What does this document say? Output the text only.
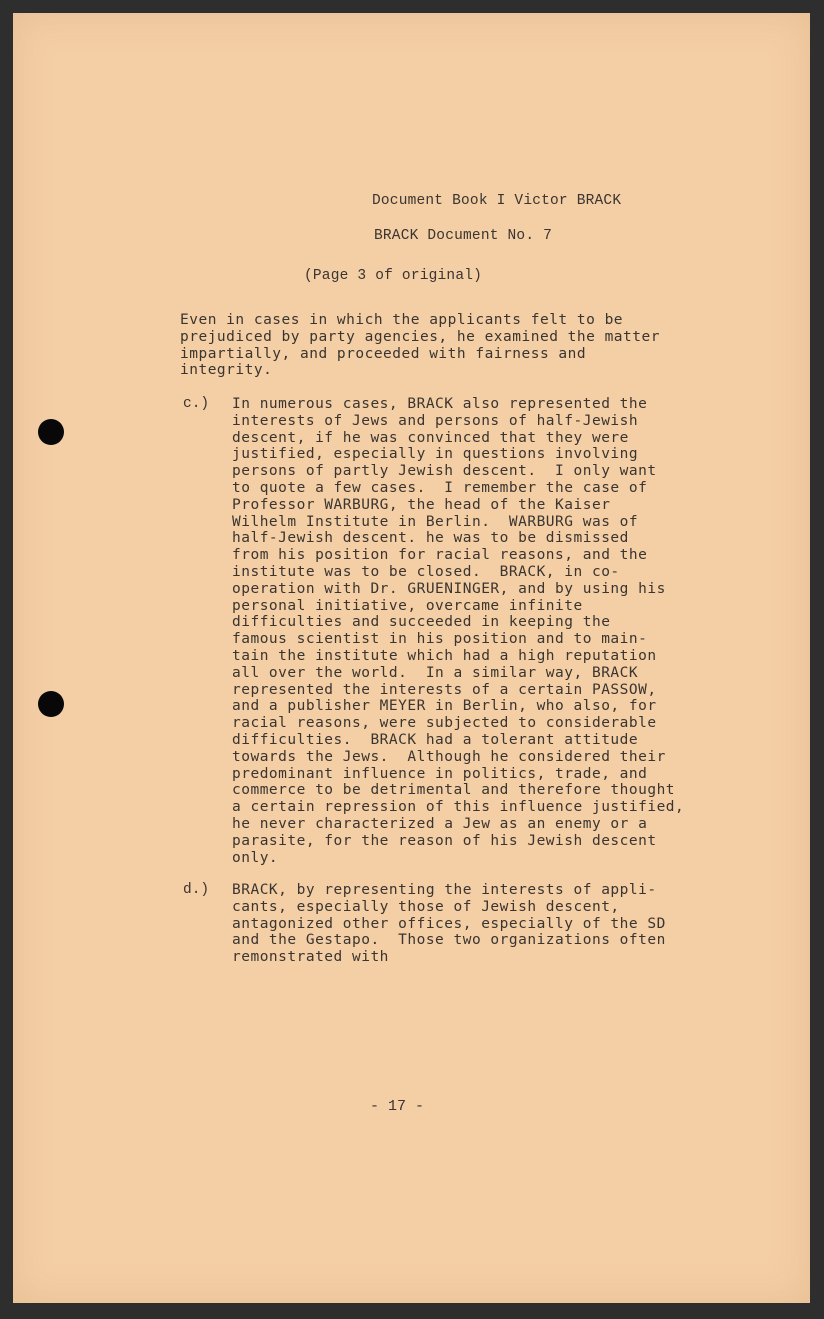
Document Book I Victor BRACK
BRACK Document No. 7
(Page 3 of original)
Even in cases in which the applicants felt to be
prejudiced by party agencies, he examined the matter
impartially, and proceeded with fairness and
integrity.
c.) In numerous cases, BRACK also represented the
interests of Jews and persons of half-Jewish
descent, if he was convinced that they were
justified, especially in questions involving
persons of partly Jewish descent.  I only want
to quote a few cases.  I remember the case of
Professor WARBURG, the head of the Kaiser
Wilhelm Institute in Berlin.  WARBURG was of
half-Jewish descent. he was to be dismissed
from his position for racial reasons, and the
institute was to be closed.  BRACK, in co-
operation with Dr. GRUENINGER, and by using his
personal initiative, overcame infinite
difficulties and succeeded in keeping the
famous scientist in his position and to main-
tain the institute which had a high reputation
all over the world.  In a similar way, BRACK
represented the interests of a certain PASSOW,
and a publisher MEYER in Berlin, who also, for
racial reasons, were subjected to considerable
difficulties.  BRACK had a tolerant attitude
towards the Jews.  Although he considered their
predominant influence in politics, trade, and
commerce to be detrimental and therefore thought
a certain repression of this influence justified,
he never characterized a Jew as an enemy or a
parasite, for the reason of his Jewish descent
only.
d.) BRACK, by representing the interests of appli-
cants, especially those of Jewish descent,
antagonized other offices, especially of the SD
and the Gestapo.  Those two organizations often
remonstrated with
- 17 -
